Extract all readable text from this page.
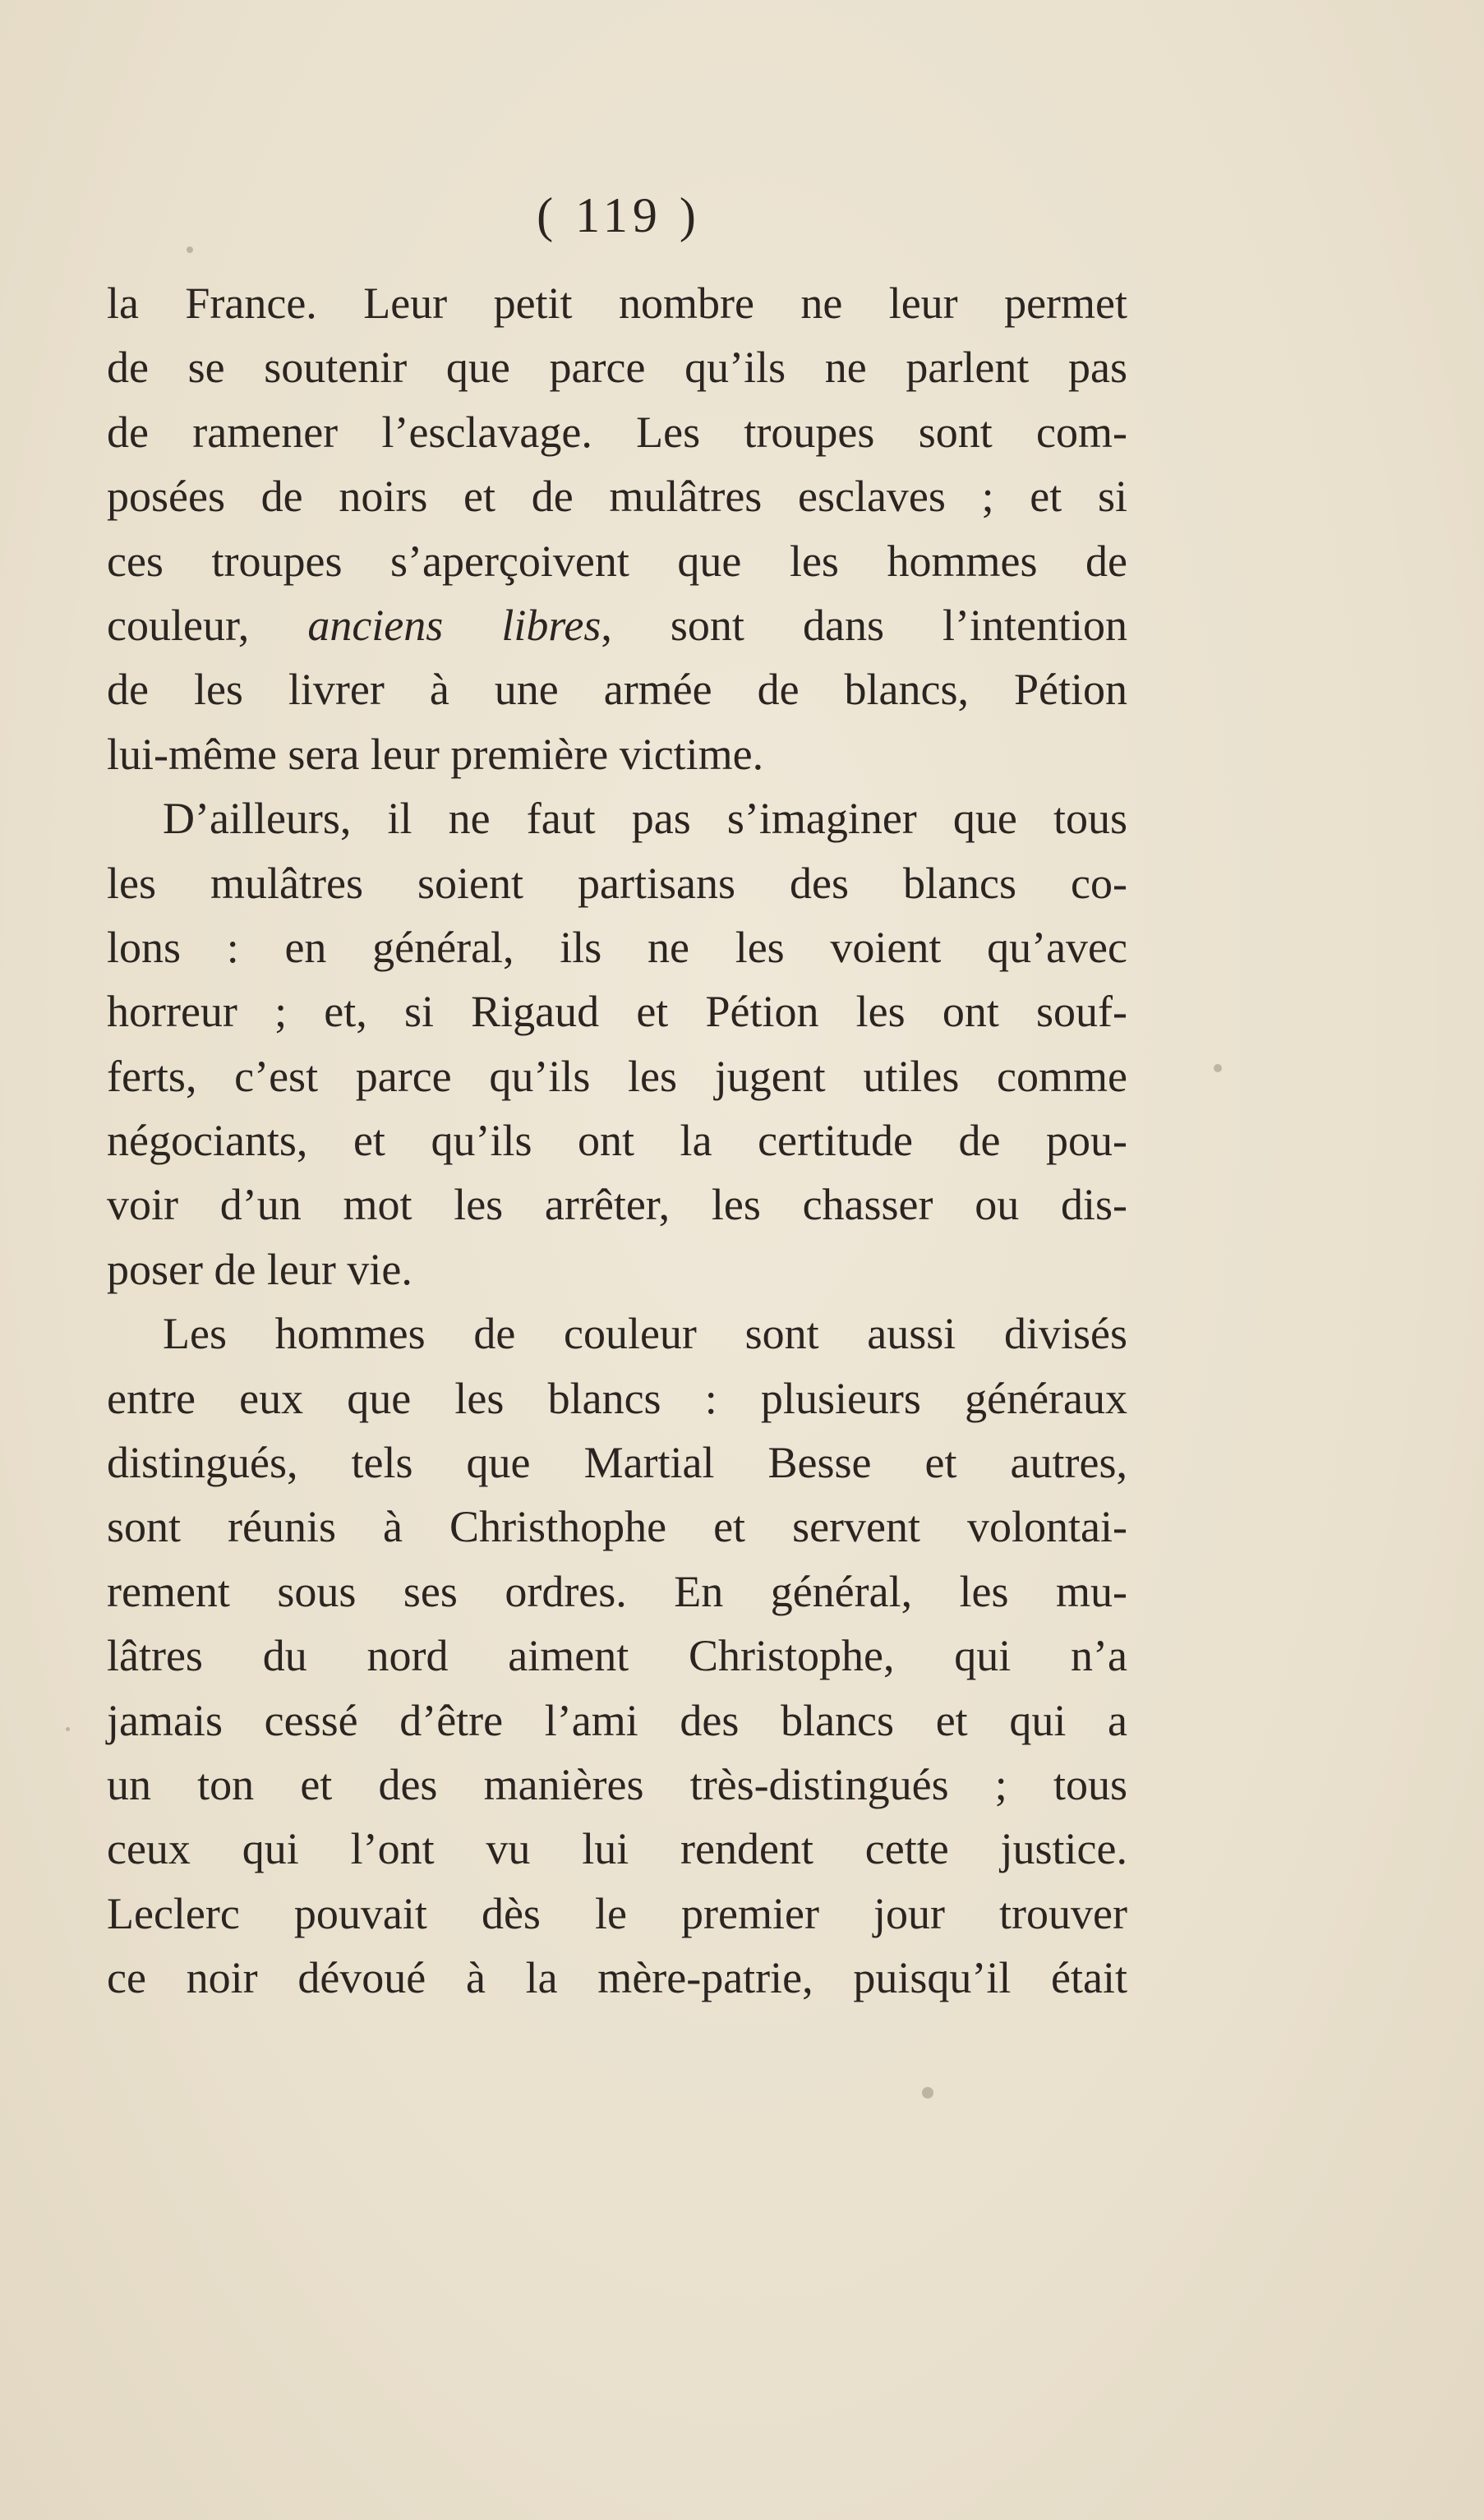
( 119 )
la France. Leur petit nombre ne leur permet
de se soutenir que parce qu’ils ne parlent pas
de ramener l’esclavage. Les troupes sont com-
posées de noirs et de mulâtres esclaves ; et si
ces troupes s’aperçoivent que les hommes de
couleur, anciens libres, sont dans l’intention
de les livrer à une armée de blancs, Pétion
lui-même sera leur première victime.
D’ailleurs, il ne faut pas s’imaginer que tous
les mulâtres soient partisans des blancs co-
lons : en général, ils ne les voient qu’avec
horreur ; et, si Rigaud et Pétion les ont souf-
ferts, c’est parce qu’ils les jugent utiles comme
négociants, et qu’ils ont la certitude de pou-
voir d’un mot les arrêter, les chasser ou dis-
poser de leur vie.
Les hommes de couleur sont aussi divisés
entre eux que les blancs : plusieurs généraux
distingués, tels que Martial Besse et autres,
sont réunis à Christhophe et servent volontai-
rement sous ses ordres. En général, les mu-
lâtres du nord aiment Christophe, qui n’a
jamais cessé d’être l’ami des blancs et qui a
un ton et des manières très-distingués ; tous
ceux qui l’ont vu lui rendent cette justice.
Leclerc pouvait dès le premier jour trouver
ce noir dévoué à la mère-patrie, puisqu’il était
